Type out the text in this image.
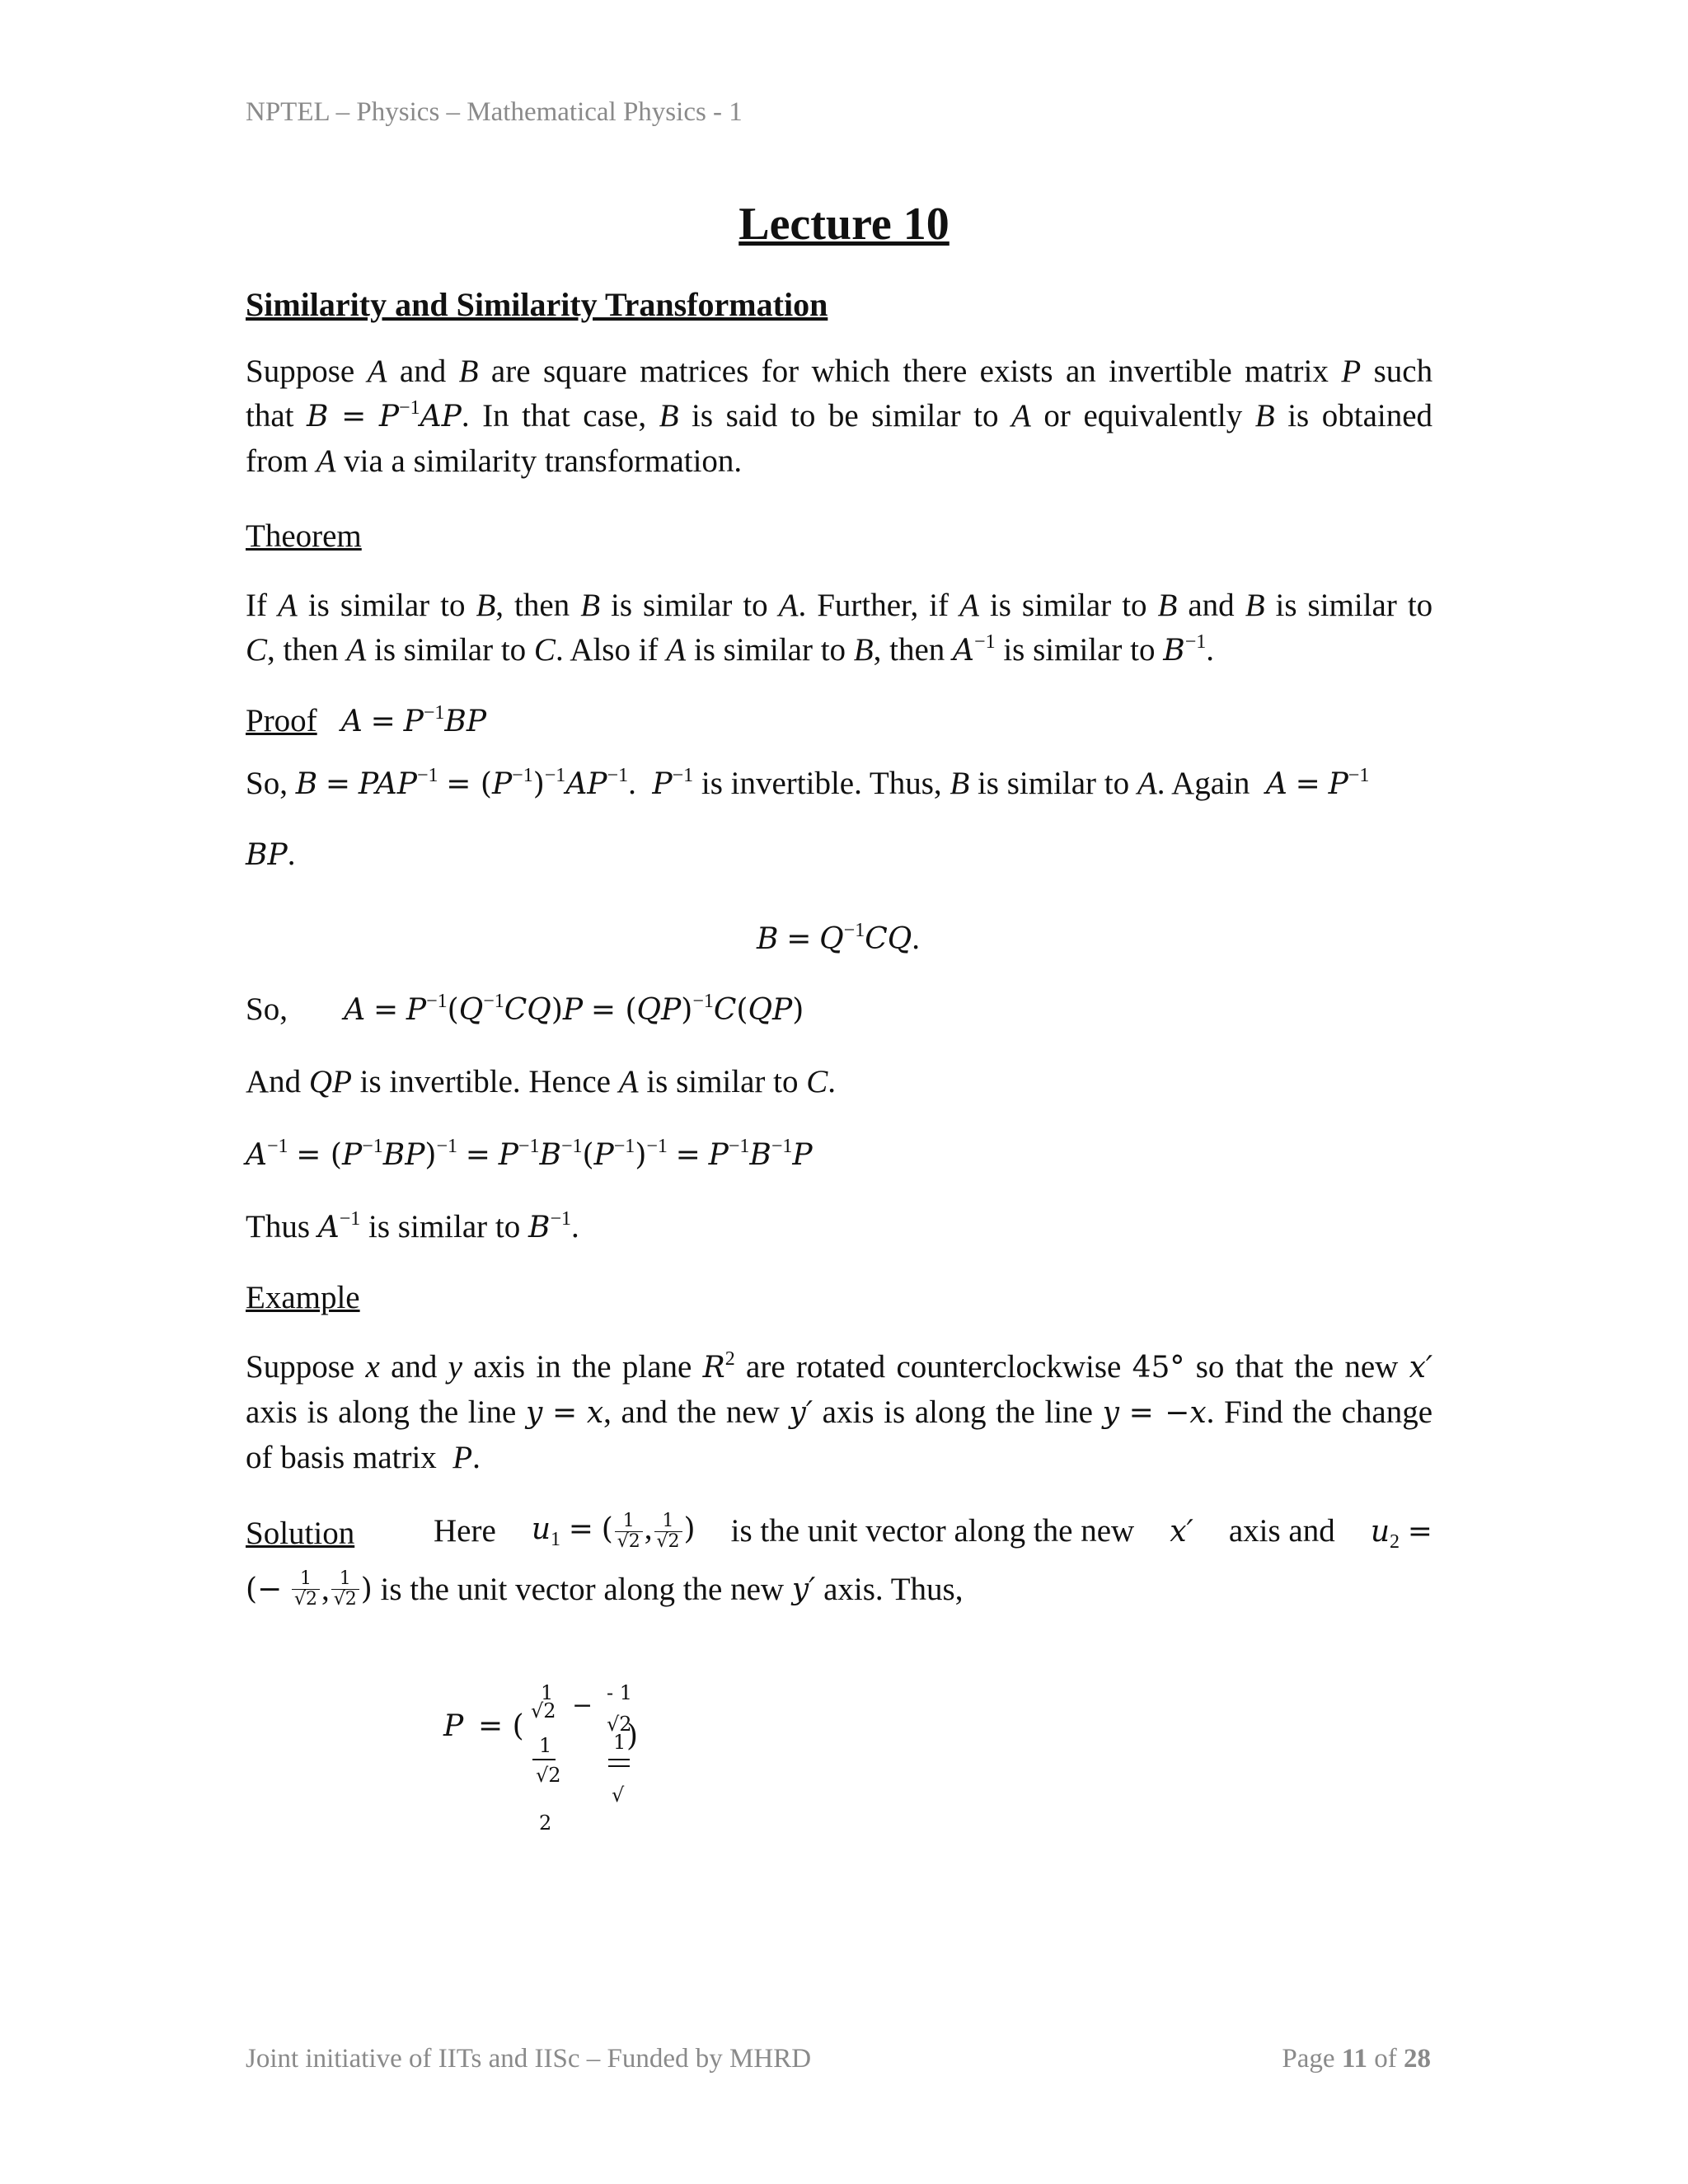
NPTEL – Physics – Mathematical Physics - 1
Lecture 10
Similarity and Similarity Transformation
Suppose A and B are square matrices for which there exists an invertible matrix P such
that $B = P^{-1}AP$. In that case, B is said to be similar to A or equivalently B is obtained
from A via a similarity transformation.
Theorem
If A is similar to B, then B is similar to A. Further, if A is similar to B and B is similar to
C, then A is similar to C. Also if A is similar to B, then $A^{-1}$ is similar to $B^{-1}$.
Proof $A = P^{-1}BP$
So, $B = PAP^{-1} = (P^{-1})^{-1}AP^{-1}$.  $P^{-1}$ is invertible. Thus, B is similar to A. Again $A = P^{-1}$
BP.
$B = Q^{-1}CQ$.
So, $A = P^{-1}(Q^{-1}CQ)P = (QP)^{-1}C(QP)$
And QP is invertible. Hence A is similar to C.
$A^{-1} = (P^{-1}BP)^{-1} = P^{-1}B^{-1}(P^{-1})^{-1} = P^{-1}B^{-1}P$
Thus $A^{-1}$ is similar to $B^{-1}$.
Example
Suppose x and y axis in the plane $R^2$ are rotated counterclockwise 45° so that the new x′
axis is along the line y = x, and the new y′ axis is along the line y = −x. Find the change
of basis matrix P.
Solution Here $u_1$ = ( $\frac{1}{√2}$ , $\frac{1}{√2}$ ) is the unit vector along the new x′ axis and $u_2$ =
(−
$\frac{1}{√2}$ , $\frac{1}{√2}$ )
is the unit vector along the new
y′
axis. Thus,
P = (
1
√2 − - 1
√2
)
1
√2
1
√
2
Joint initiative of IITs and IISc – Funded by MHRD	Page 11 of 28
